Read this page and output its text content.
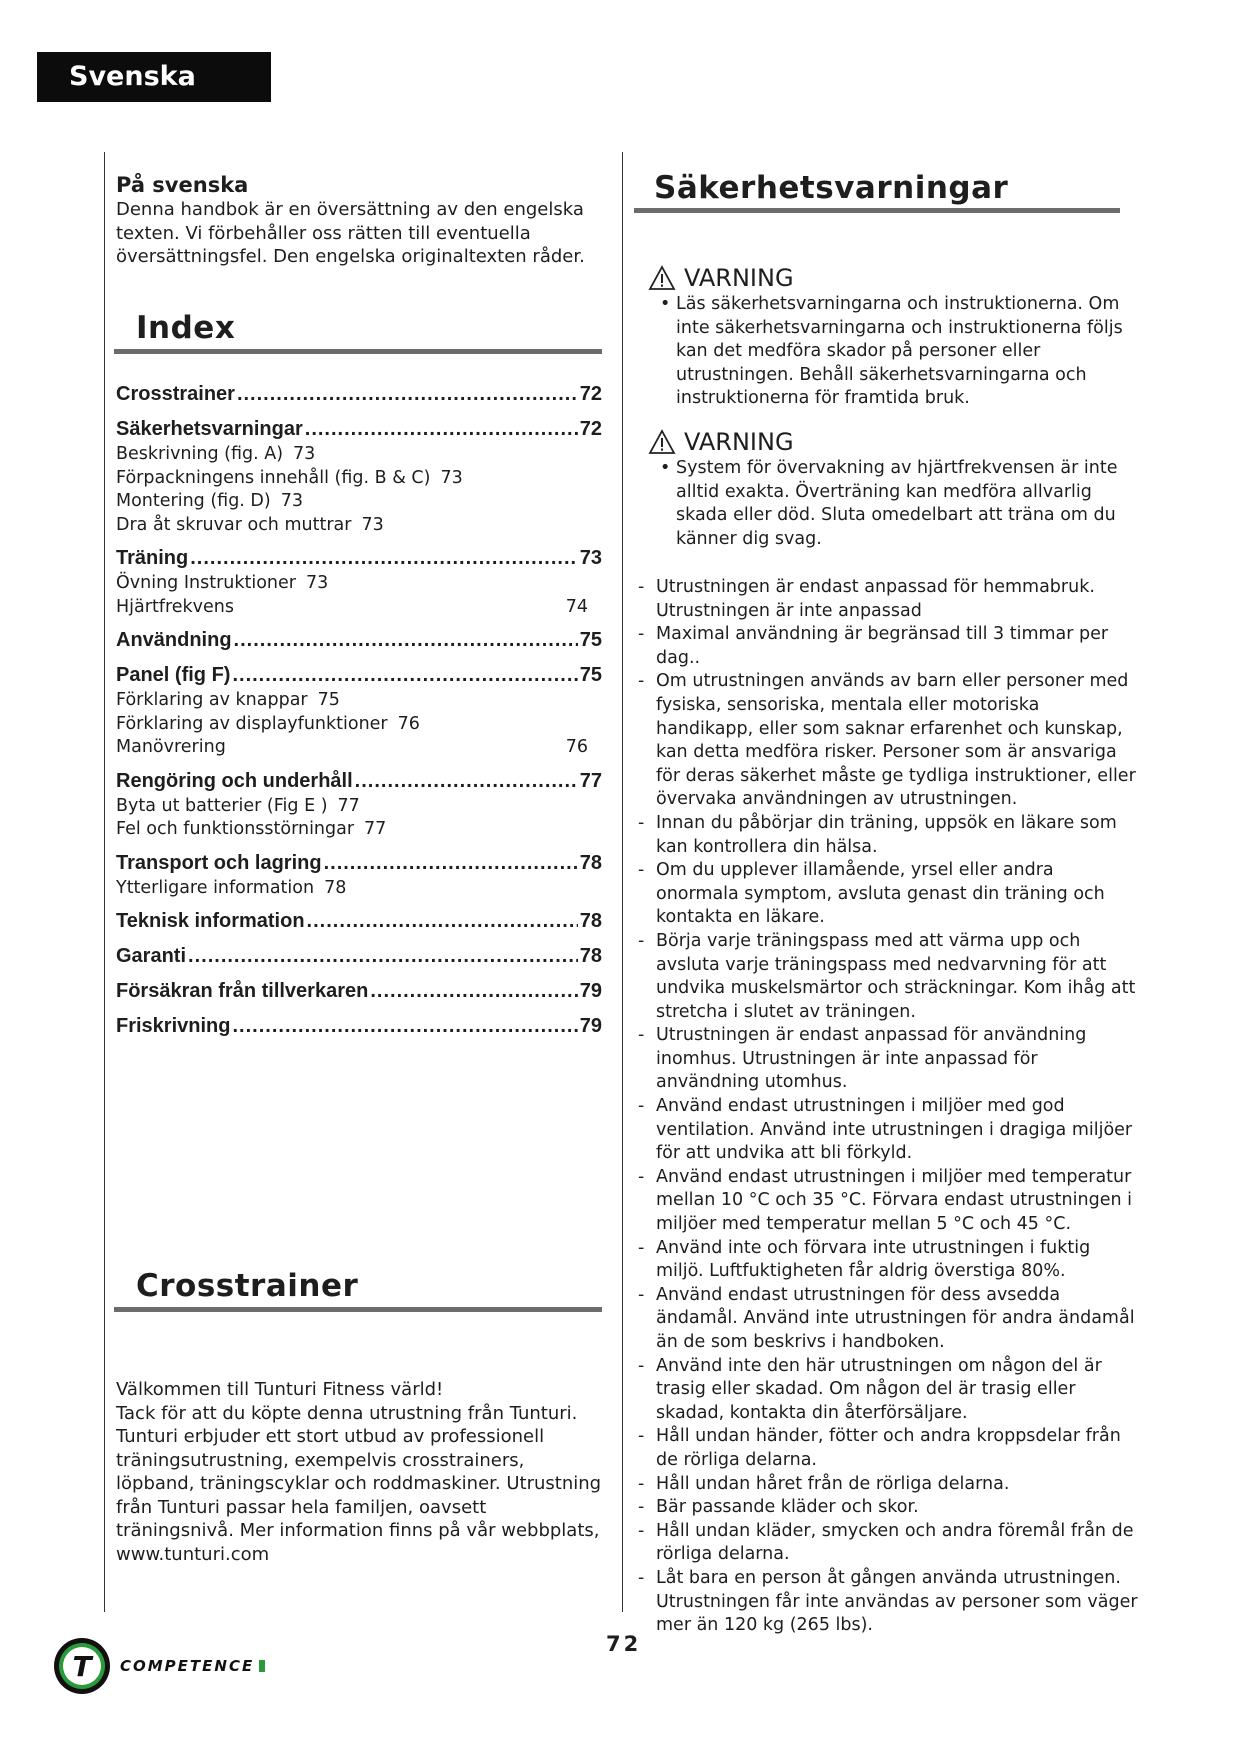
Svenska

På svenska

Denna handbok är en översättning av den engelska texten. Vi förbehåller oss rätten till eventuella översättningsfel. Den engelska originaltexten råder.

Index
Crosstrainer .....	72
Säkerhetsvarningar .....	72
Beskrivning (fig. A) 73
Förpackningens innehåll (fig. B & C) 73
Montering (fig. D) 73
Dra åt skruvar och muttrar 73
Träning .....	73
Övning Instruktioner 73
Hjärtfrekvens	74
Användning .....	75
Panel (fig F) .....	75
Förklaring av knappar 75
Förklaring av displayfunktioner 76
Manövrering	76
Rengöring och underhåll .....	77
Byta ut batterier (Fig E ) 77
Fel och funktionsstörningar 77
Transport och lagring .....	78
Ytterligare information 78
Teknisk information .....	78
Garanti .....	78
Försäkran från tillverkaren .....	79
Friskrivning .....	79
Crosstrainer

Välkommen till Tunturi Fitness värld!

Tack för att du köpte denna utrustning från Tunturi. Tunturi erbjuder ett stort utbud av professionell träningsutrustning, exempelvis crosstrainers, löpband, träningscyklar och roddmaskiner. Utrustning från Tunturi passar hela familjen, oavsett träningsnivå. Mer information finns på vår webbplats, www.tunturi.com

Säkerhetsvarningar
VARNING
• Läs säkerhetsvarningarna och instruktionerna. Om inte säkerhetsvarningarna och instruktionerna följs kan det medföra skador på personer eller utrustningen. Behåll säkerhetsvarningarna och instruktionerna för framtida bruk.
VARNING
• System för övervakning av hjärtfrekvensen är inte alltid exakta. Överträning kan medföra allvarlig skada eller död. Sluta omedelbart att träna om du känner dig svag.
- Utrustningen är endast anpassad för hemmabruk. Utrustningen är inte anpassad
- Maximal användning är begränsad till 3 timmar per dag..
- Om utrustningen används av barn eller personer med fysiska, sensoriska, mentala eller motoriska handikapp, eller som saknar erfarenhet och kunskap, kan detta medföra risker. Personer som är ansvariga för deras säkerhet måste ge tydliga instruktioner, eller övervaka användningen av utrustningen.
- Innan du påbörjar din träning, uppsök en läkare som kan kontrollera din hälsa.
- Om du upplever illamående, yrsel eller andra onormala symptom, avsluta genast din träning och kontakta en läkare.
- Börja varje träningspass med att värma upp och avsluta varje träningspass med nedvarvning för att undvika muskelsmärtor och sträckningar. Kom ihåg att stretcha i slutet av träningen.
- Utrustningen är endast anpassad för användning inomhus. Utrustningen är inte anpassad för användning utomhus.
- Använd endast utrustningen i miljöer med god ventilation. Använd inte utrustningen i dragiga miljöer för att undvika att bli förkyld.
- Använd endast utrustningen i miljöer med temperatur mellan 10 °C och 35 °C. Förvara endast utrustningen i miljöer med temperatur mellan 5 °C och 45 °C.
- Använd inte och förvara inte utrustningen i fuktig miljö. Luftfuktigheten får aldrig överstiga 80%.
- Använd endast utrustningen för dess avsedda ändamål. Använd inte utrustningen för andra ändamål än de som beskrivs i handboken.
- Använd inte den här utrustningen om någon del är trasig eller skadad. Om någon del är trasig eller skadad, kontakta din återförsäljare.
- Håll undan händer, fötter och andra kroppsdelar från de rörliga delarna.
- Håll undan håret från de rörliga delarna.
- Bär passande kläder och skor.
- Håll undan kläder, smycken och andra föremål från de rörliga delarna.
- Låt bara en person åt gången använda utrustningen. Utrustningen får inte användas av personer som väger mer än 120 kg (265 lbs).
T COMPETENCE
72
